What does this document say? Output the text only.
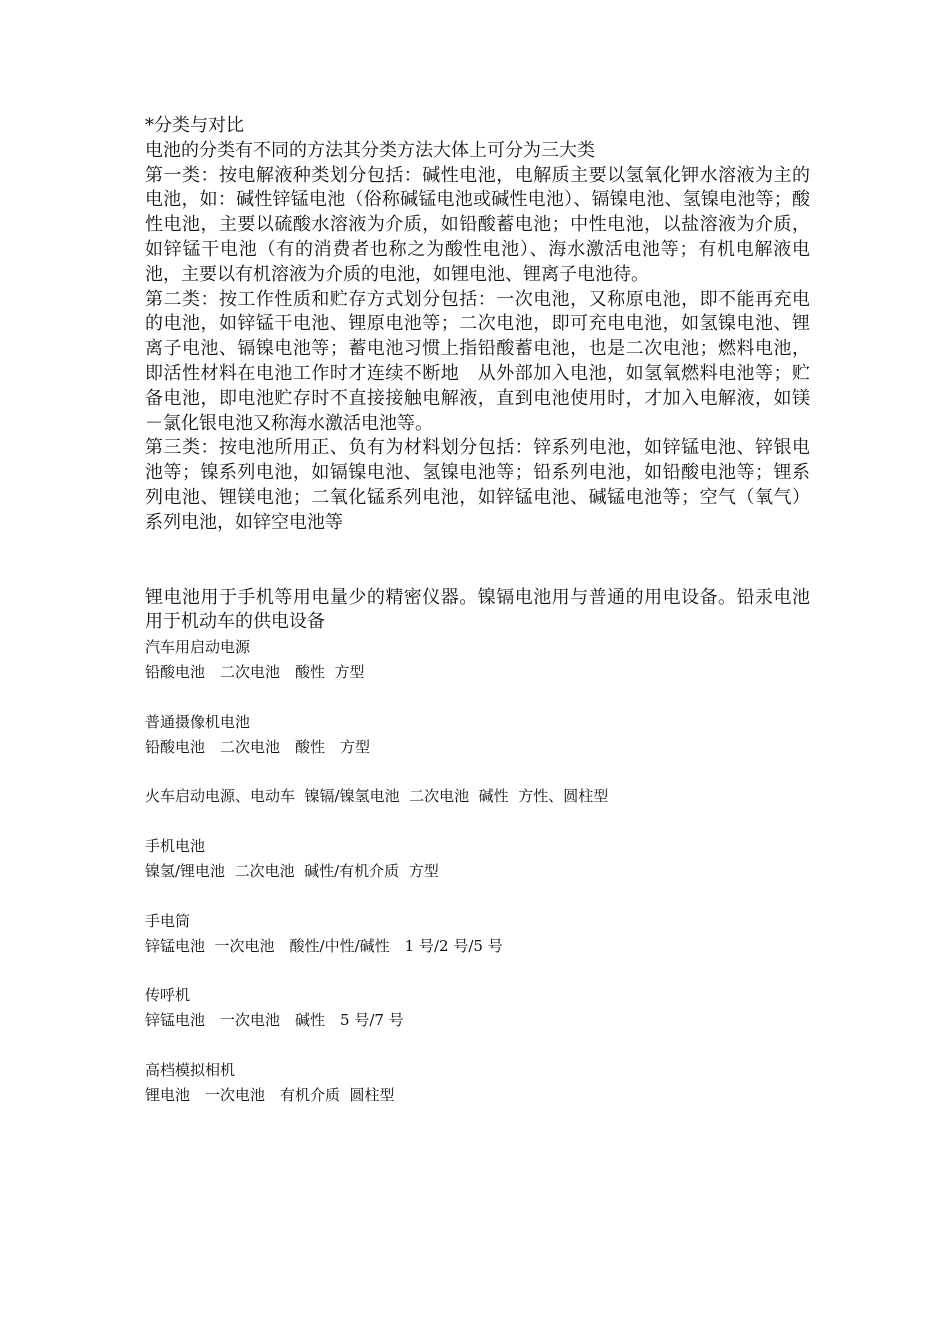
*分类与对比

电池的分类有不同的方法其分类方法大体上可分为三大类

第一类：按电解液种类划分包括：碱性电池，电解质主要以氢氧化钾水溶液为主的电池，如：碱性锌锰电池（俗称碱锰电池或碱性电池）、镉镍电池、氢镍电池等；酸性电池，主要以硫酸水溶液为介质，如铅酸蓄电池；中性电池，以盐溶液为介质，如锌锰干电池（有的消费者也称之为酸性电池）、海水激活电池等；有机电解液电池，主要以有机溶液为介质的电池，如锂电池、锂离子电池待。

第二类：按工作性质和贮存方式划分包括：一次电池，又称原电池，即不能再充电的电池，如锌锰干电池、锂原电池等；二次电池，即可充电电池，如氢镍电池、锂离子电池、镉镍电池等；蓄电池习惯上指铅酸蓄电池，也是二次电池；燃料电池，即活性材料在电池工作时才连续不断地　从外部加入电池，如氢氧燃料电池等；贮备电池，即电池贮存时不直接接触电解液，直到电池使用时，才加入电解液，如镁－氯化银电池又称海水激活电池等。

第三类：按电池所用正、负有为材料划分包括：锌系列电池，如锌锰电池、锌银电池等；镍系列电池，如镉镍电池、氢镍电池等；铅系列电池，如铅酸电池等；锂系列电池、锂镁电池；二氧化锰系列电池，如锌锰电池、碱锰电池等；空气（氧气）系列电池，如锌空电池等

锂电池用于手机等用电量少的精密仪器。镍镉电池用与普通的用电设备。铅汞电池用于机动车的供电设备

汽车用启动电源

铅酸电池　二次电池　酸性  方型

普通摄像机电池

铅酸电池　二次电池　酸性　方型

火车启动电源、电动车  镍镉/镍氢电池  二次电池  碱性  方性、圆柱型

手机电池

镍氢/锂电池  二次电池  碱性/有机介质  方型

手电筒

锌锰电池  一次电池　酸性/中性/碱性　1 号/2 号/5 号

传呼机

锌锰电池　一次电池　碱性　5 号/7 号

高档模拟相机

锂电池　一次电池　有机介质  圆柱型
